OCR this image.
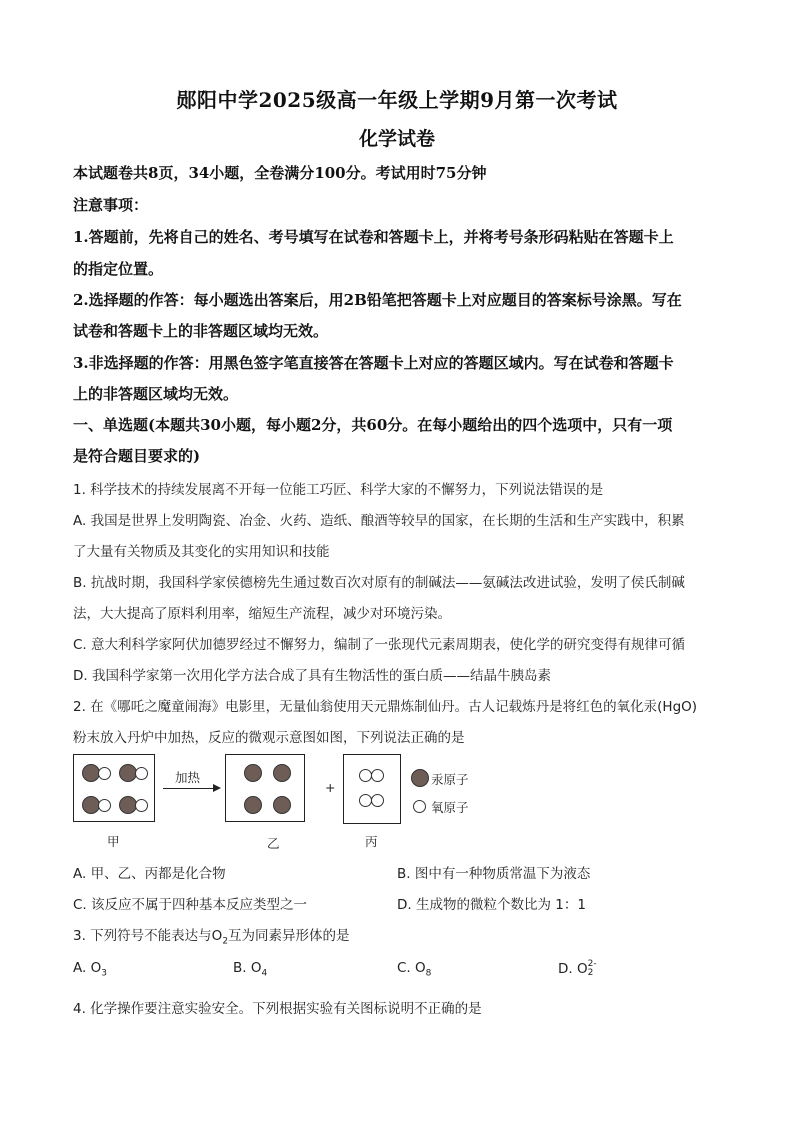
郧阳中学2025级高一年级上学期9月第一次考试
化学试卷
本试题卷共8页，34小题，全卷满分100分。考试用时75分钟
注意事项：
1.答题前，先将自己的姓名、考号填写在试卷和答题卡上，并将考号条形码粘贴在答题卡上
的指定位置。
2.选择题的作答：每小题选出答案后，用2B铅笔把答题卡上对应题目的答案标号涂黑。写在
试卷和答题卡上的非答题区域均无效。
3.非选择题的作答：用黑色签字笔直接答在答题卡上对应的答题区域内。写在试卷和答题卡
上的非答题区域均无效。
一、单选题(本题共30小题，每小题2分，共60分。在每小题给出的四个选项中，只有一项
是符合题目要求的)
1. 科学技术的持续发展离不开每一位能工巧匠、科学大家的不懈努力，下列说法错误的是
A. 我国是世界上发明陶瓷、冶金、火药、造纸、酿酒等较早的国家，在长期的生活和生产实践中，积累
了大量有关物质及其变化的实用知识和技能
B. 抗战时期，我国科学家侯德榜先生通过数百次对原有的制碱法——氨碱法改进试验，发明了侯氏制碱
法，大大提高了原料利用率，缩短生产流程，减少对环境污染。
C. 意大利科学家阿伏加德罗经过不懈努力，编制了一张现代元素周期表，使化学的研究变得有规律可循
D. 我国科学家第一次用化学方法合成了具有生物活性的蛋白质——结晶牛胰岛素
2. 在《哪吒之魔童闹海》电影里，无量仙翁使用天元鼎炼制仙丹。古人记载炼丹是将红色的氧化汞(HgO)
粉末放入丹炉中加热，反应的微观示意图如图，下列说法正确的是
加热
+
汞原子
氧原子
甲	乙	丙
A. 甲、乙、丙都是化合物	B. 图中有一种物质常温下为液态
C. 该反应不属于四种基本反应类型之一	D. 生成物的微粒个数比为 1：1
3. 下列符号不能表达与$O_2$互为同素异形体的是
A. $O_3$	B. $O_4$	C. $O_8$	D. O 2-
2
4. 化学操作要注意实验安全。下列根据实验有关图标说明不正确的是
